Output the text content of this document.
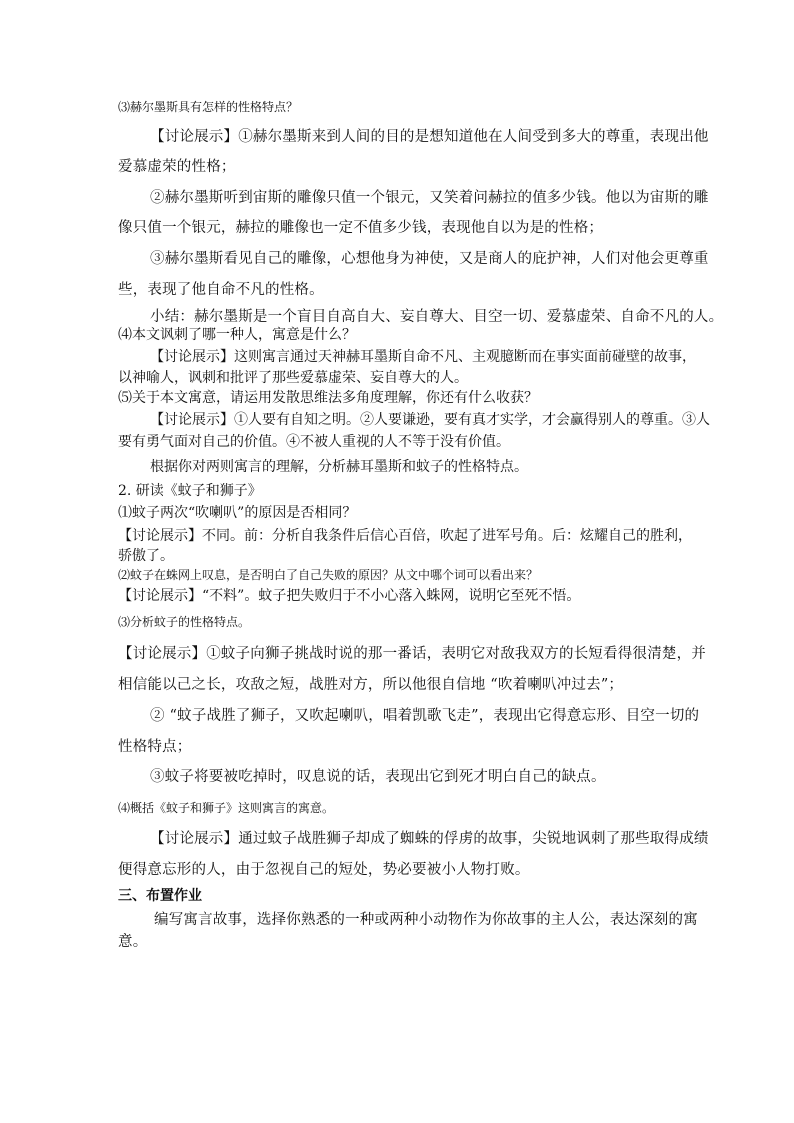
⑶赫尔墨斯具有怎样的性格特点？
【讨论展示】①赫尔墨斯来到人间的目的是想知道他在人间受到多大的尊重，表现出他
爱慕虚荣的性格；
②赫尔墨斯听到宙斯的雕像只值一个银元，又笑着问赫拉的值多少钱。他以为宙斯的雕
像只值一个银元，赫拉的雕像也一定不值多少钱，表现他自以为是的性格；
③赫尔墨斯看见自己的雕像，心想他身为神使，又是商人的庇护神，人们对他会更尊重
些，表现了他自命不凡的性格。
小结：赫尔墨斯是一个盲目自高自大、妄自尊大、目空一切、爱慕虚荣、自命不凡的人。
⑷本文讽刺了哪一种人，寓意是什么？
【讨论展示】这则寓言通过天神赫耳墨斯自命不凡、主观臆断而在事实面前碰壁的故事，
以神喻人，讽刺和批评了那些爱慕虚荣、妄自尊大的人。
⑸关于本文寓意，请运用发散思维法多角度理解，你还有什么收获？
【讨论展示】①人要有自知之明。②人要谦逊，要有真才实学，才会赢得别人的尊重。③人
要有勇气面对自己的价值。④不被人重视的人不等于没有价值。
根据你对两则寓言的理解，分析赫耳墨斯和蚊子的性格特点。
2. 研读《蚊子和狮子》
⑴蚊子两次“吹喇叭”的原因是否相同？
【讨论展示】不同。前：分析自我条件后信心百倍，吹起了进军号角。后：炫耀自己的胜利，
骄傲了。
⑵蚊子在蛛网上叹息，是否明白了自己失败的原因？从文中哪个词可以看出来？
【讨论展示】“不料”。蚊子把失败归于不小心落入蛛网，说明它至死不悟。
⑶分析蚊子的性格特点。
【讨论展示】①蚊子向狮子挑战时说的那一番话，表明它对敌我双方的长短看得很清楚，并
相信能以己之长，攻敌之短，战胜对方，所以他很自信地 “吹着喇叭冲过去”；
② “蚊子战胜了狮子，又吹起喇叭，唱着凯歌飞走”，表现出它得意忘形、目空一切的
性格特点；
③蚊子将要被吃掉时，叹息说的话，表现出它到死才明白自己的缺点。
⑷概括《蚊子和狮子》这则寓言的寓意。
【讨论展示】通过蚊子战胜狮子却成了蜘蛛的俘虏的故事，尖锐地讽刺了那些取得成绩
便得意忘形的人，由于忽视自己的短处，势必要被小人物打败。
三、布置作业
编写寓言故事，选择你熟悉的一种或两种小动物作为你故事的主人公，表达深刻的寓
意。
